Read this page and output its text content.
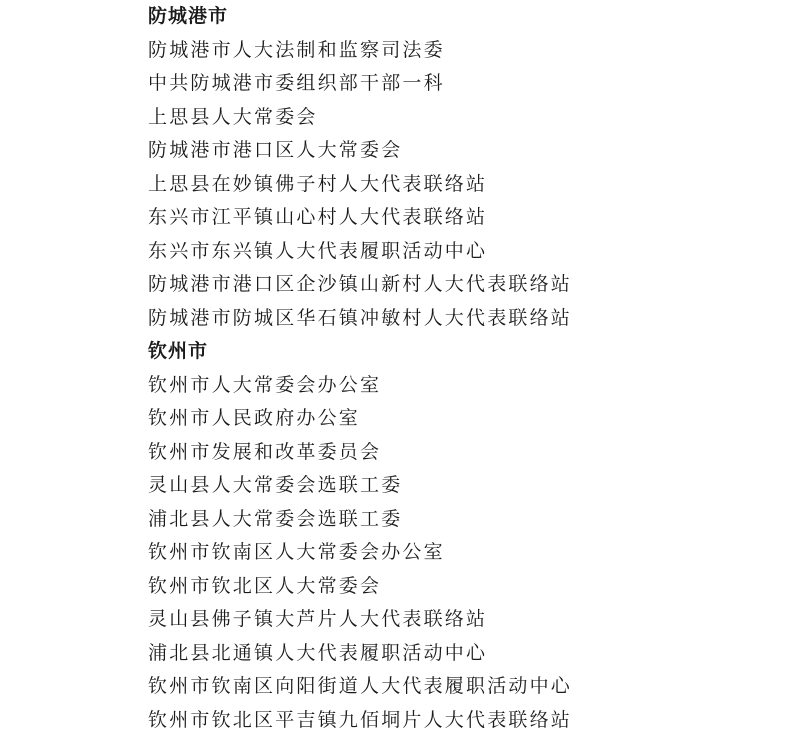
防城港市
防城港市人大法制和监察司法委
中共防城港市委组织部干部一科
上思县人大常委会
防城港市港口区人大常委会
上思县在妙镇佛子村人大代表联络站
东兴市江平镇山心村人大代表联络站
东兴市东兴镇人大代表履职活动中心
防城港市港口区企沙镇山新村人大代表联络站
防城港市防城区华石镇冲敏村人大代表联络站
钦州市
钦州市人大常委会办公室
钦州市人民政府办公室
钦州市发展和改革委员会
灵山县人大常委会选联工委
浦北县人大常委会选联工委
钦州市钦南区人大常委会办公室
钦州市钦北区人大常委会
灵山县佛子镇大芦片人大代表联络站
浦北县北通镇人大代表履职活动中心
钦州市钦南区向阳街道人大代表履职活动中心
钦州市钦北区平吉镇九佰垌片人大代表联络站
